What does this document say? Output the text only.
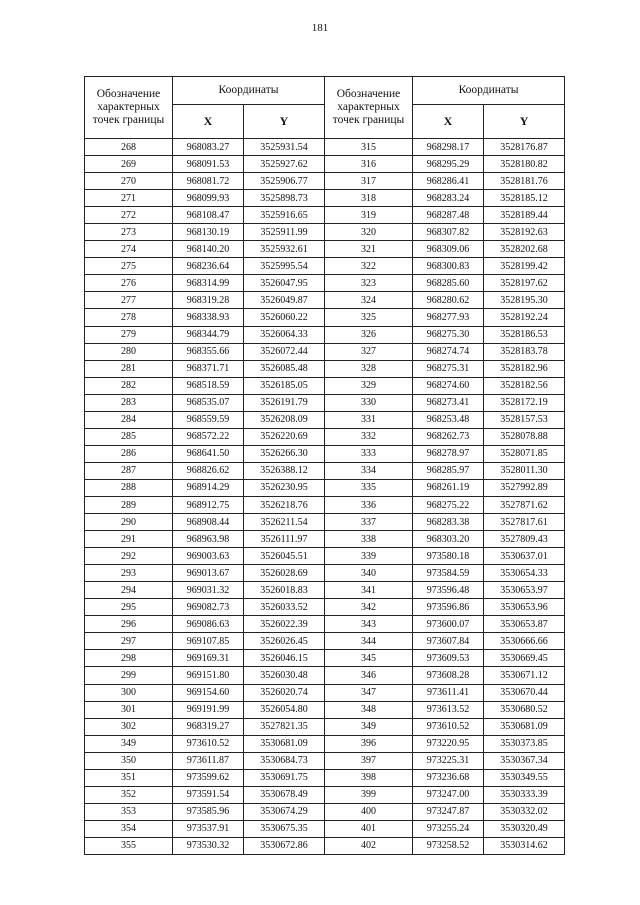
181
Обозначение характерных точек границы	Координаты		Обозначение характерных точек границы	Координаты	
	X	Y		X	Y
268	968083.27	3525931.54	315	968298.17	3528176.87
269	968091.53	3525927.62	316	968295.29	3528180.82
270	968081.72	3525906.77	317	968286.41	3528181.76
271	968099.93	3525898.73	318	968283.24	3528185.12
272	968108.47	3525916.65	319	968287.48	3528189.44
273	968130.19	3525911.99	320	968307.82	3528192.63
274	968140.20	3525932.61	321	968309.06	3528202.68
275	968236.64	3525995.54	322	968300.83	3528199.42
276	968314.99	3526047.95	323	968285.60	3528197.62
277	968319.28	3526049.87	324	968280.62	3528195.30
278	968338.93	3526060.22	325	968277.93	3528192.24
279	968344.79	3526064.33	326	968275.30	3528186.53
280	968355.66	3526072.44	327	968274.74	3528183.78
281	968371.71	3526085.48	328	968275.31	3528182.96
282	968518.59	3526185.05	329	968274.60	3528182.56
283	968535.07	3526191.79	330	968273.41	3528172.19
284	968559.59	3526208.09	331	968253.48	3528157.53
285	968572.22	3526220.69	332	968262.73	3528078.88
286	968641.50	3526266.30	333	968278.97	3528071.85
287	968826.62	3526388.12	334	968285.97	3528011.30
288	968914.29	3526230.95	335	968261.19	3527992.89
289	968912.75	3526218.76	336	968275.22	3527871.62
290	968908.44	3526211.54	337	968283.38	3527817.61
291	968963.98	3526111.97	338	968303.20	3527809.43
292	969003.63	3526045.51	339	973580.18	3530637.01
293	969013.67	3526028.69	340	973584.59	3530654.33
294	969031.32	3526018.83	341	973596.48	3530653.97
295	969082.73	3526033.52	342	973596.86	3530653.96
296	969086.63	3526022.39	343	973600.07	3530653.87
297	969107.85	3526026.45	344	973607.84	3530666.66
298	969169.31	3526046.15	345	973609.53	3530669.45
299	969151.80	3526030.48	346	973608.28	3530671.12
300	969154.60	3526020.74	347	973611.41	3530670.44
301	969191.99	3526054.80	348	973613.52	3530680.52
302	968319.27	3527821.35	349	973610.52	3530681.09
349	973610.52	3530681.09	396	973220.95	3530373.85
350	973611.87	3530684.73	397	973225.31	3530367.34
351	973599.62	3530691.75	398	973236.68	3530349.55
352	973591.54	3530678.49	399	973247.00	3530333.39
353	973585.96	3530674.29	400	973247.87	3530332.02
354	973537.91	3530675.35	401	973255.24	3530320.49
355	973530.32	3530672.86	402	973258.52	3530314.62
